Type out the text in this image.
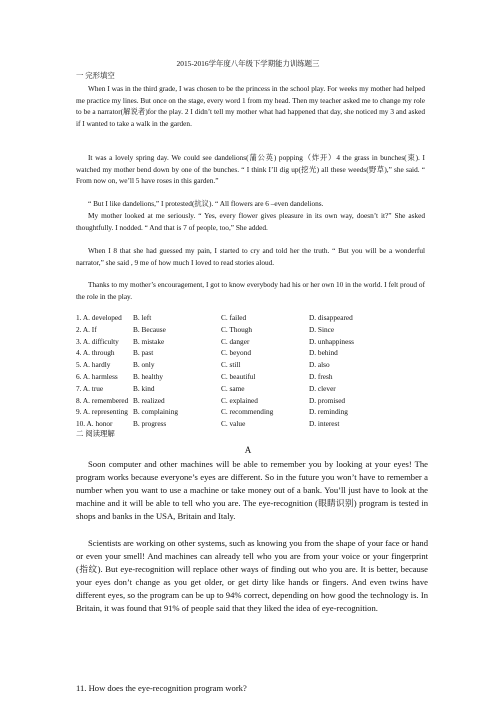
2015-2016学年度八年级下学期能力训练题三
一 完形填空

When I was in the third grade, I was chosen to be the princess in the school play. For weeks my mother had helped me practice my lines. But once on the stage, every word 1 from my head. Then my teacher asked me to change my role to be a narrator(解说者)for the play. 2 I didn’t tell my mother what had happened that day, she noticed my 3 and asked if I wanted to take a walk in the garden.

It was a lovely spring day. We could see dandelions(蒲公英) popping（炸开）4 the grass in bunches(束). I watched my mother bend down by one of the bunches. “ I think I’ll dig up(挖光) all these weeds(野草),” she said. “ From now on, we’ll 5 have roses in this garden.”

“ But I like dandelions,” I protested(抗议). “ All flowers are 6 –even dandelions.

My mother looked at me seriously. “ Yes, every flower gives pleasure in its own way, doesn’t it?” She asked thoughtfully. I nodded. “ And that is 7 of people, too,” She added.

When I 8 that she had guessed my pain, I started to cry and told her the truth. “ But you will be a wonderful narrator,” she said , 9 me of how much I loved to read stories aloud.

Thanks to my mother’s encouragement, I got to know everybody had his or her own 10 in the world. I felt proud of the role in the play.

1. A. developed	B. left	C. failed	D. disappeared
2. A. If	B. Because	C. Though	D. Since
3. A. difficulty	B. mistake	C. danger	D. unhappiness
4. A. through	B. past	C. beyond	D. behind
5. A. hardly	B. only	C. still	D. also
6. A. harmless	B. healthy	C. beautiful	D. fresh
7. A. true	B. kind	C. same	D. clever
8. A. remembered B. realized	C. explained	D. promised
9. A. representing B. complaining	C. recommending	D. reminding
10. A. honor	B. progress	C. value	D. interest
二 阅读理解
A

Soon computer and other machines will be able to remember you by looking at your eyes! The program works because everyone’s eyes are different. So in the future you won’t have to remember a number when you want to use a machine or take money out of a bank. You’ll just have to look at the machine and it will be able to tell who you are. The eye-recognition (眼睛识别) program is tested in shops and banks in the USA, Britain and Italy.

Scientists are working on other systems, such as knowing you from the shape of your face or hand or even your smell! And machines can already tell who you are from your voice or your fingerprint (指纹). But eye-recognition will replace other ways of finding out who you are. It is better, because your eyes don’t change as you get older, or get dirty like hands or fingers. And even twins have different eyes, so the program can be up to 94% correct, depending on how good the technology is. In Britain, it was found that 91% of people said that they liked the idea of eye-recognition.

11. How does the eye-recognition program work?
